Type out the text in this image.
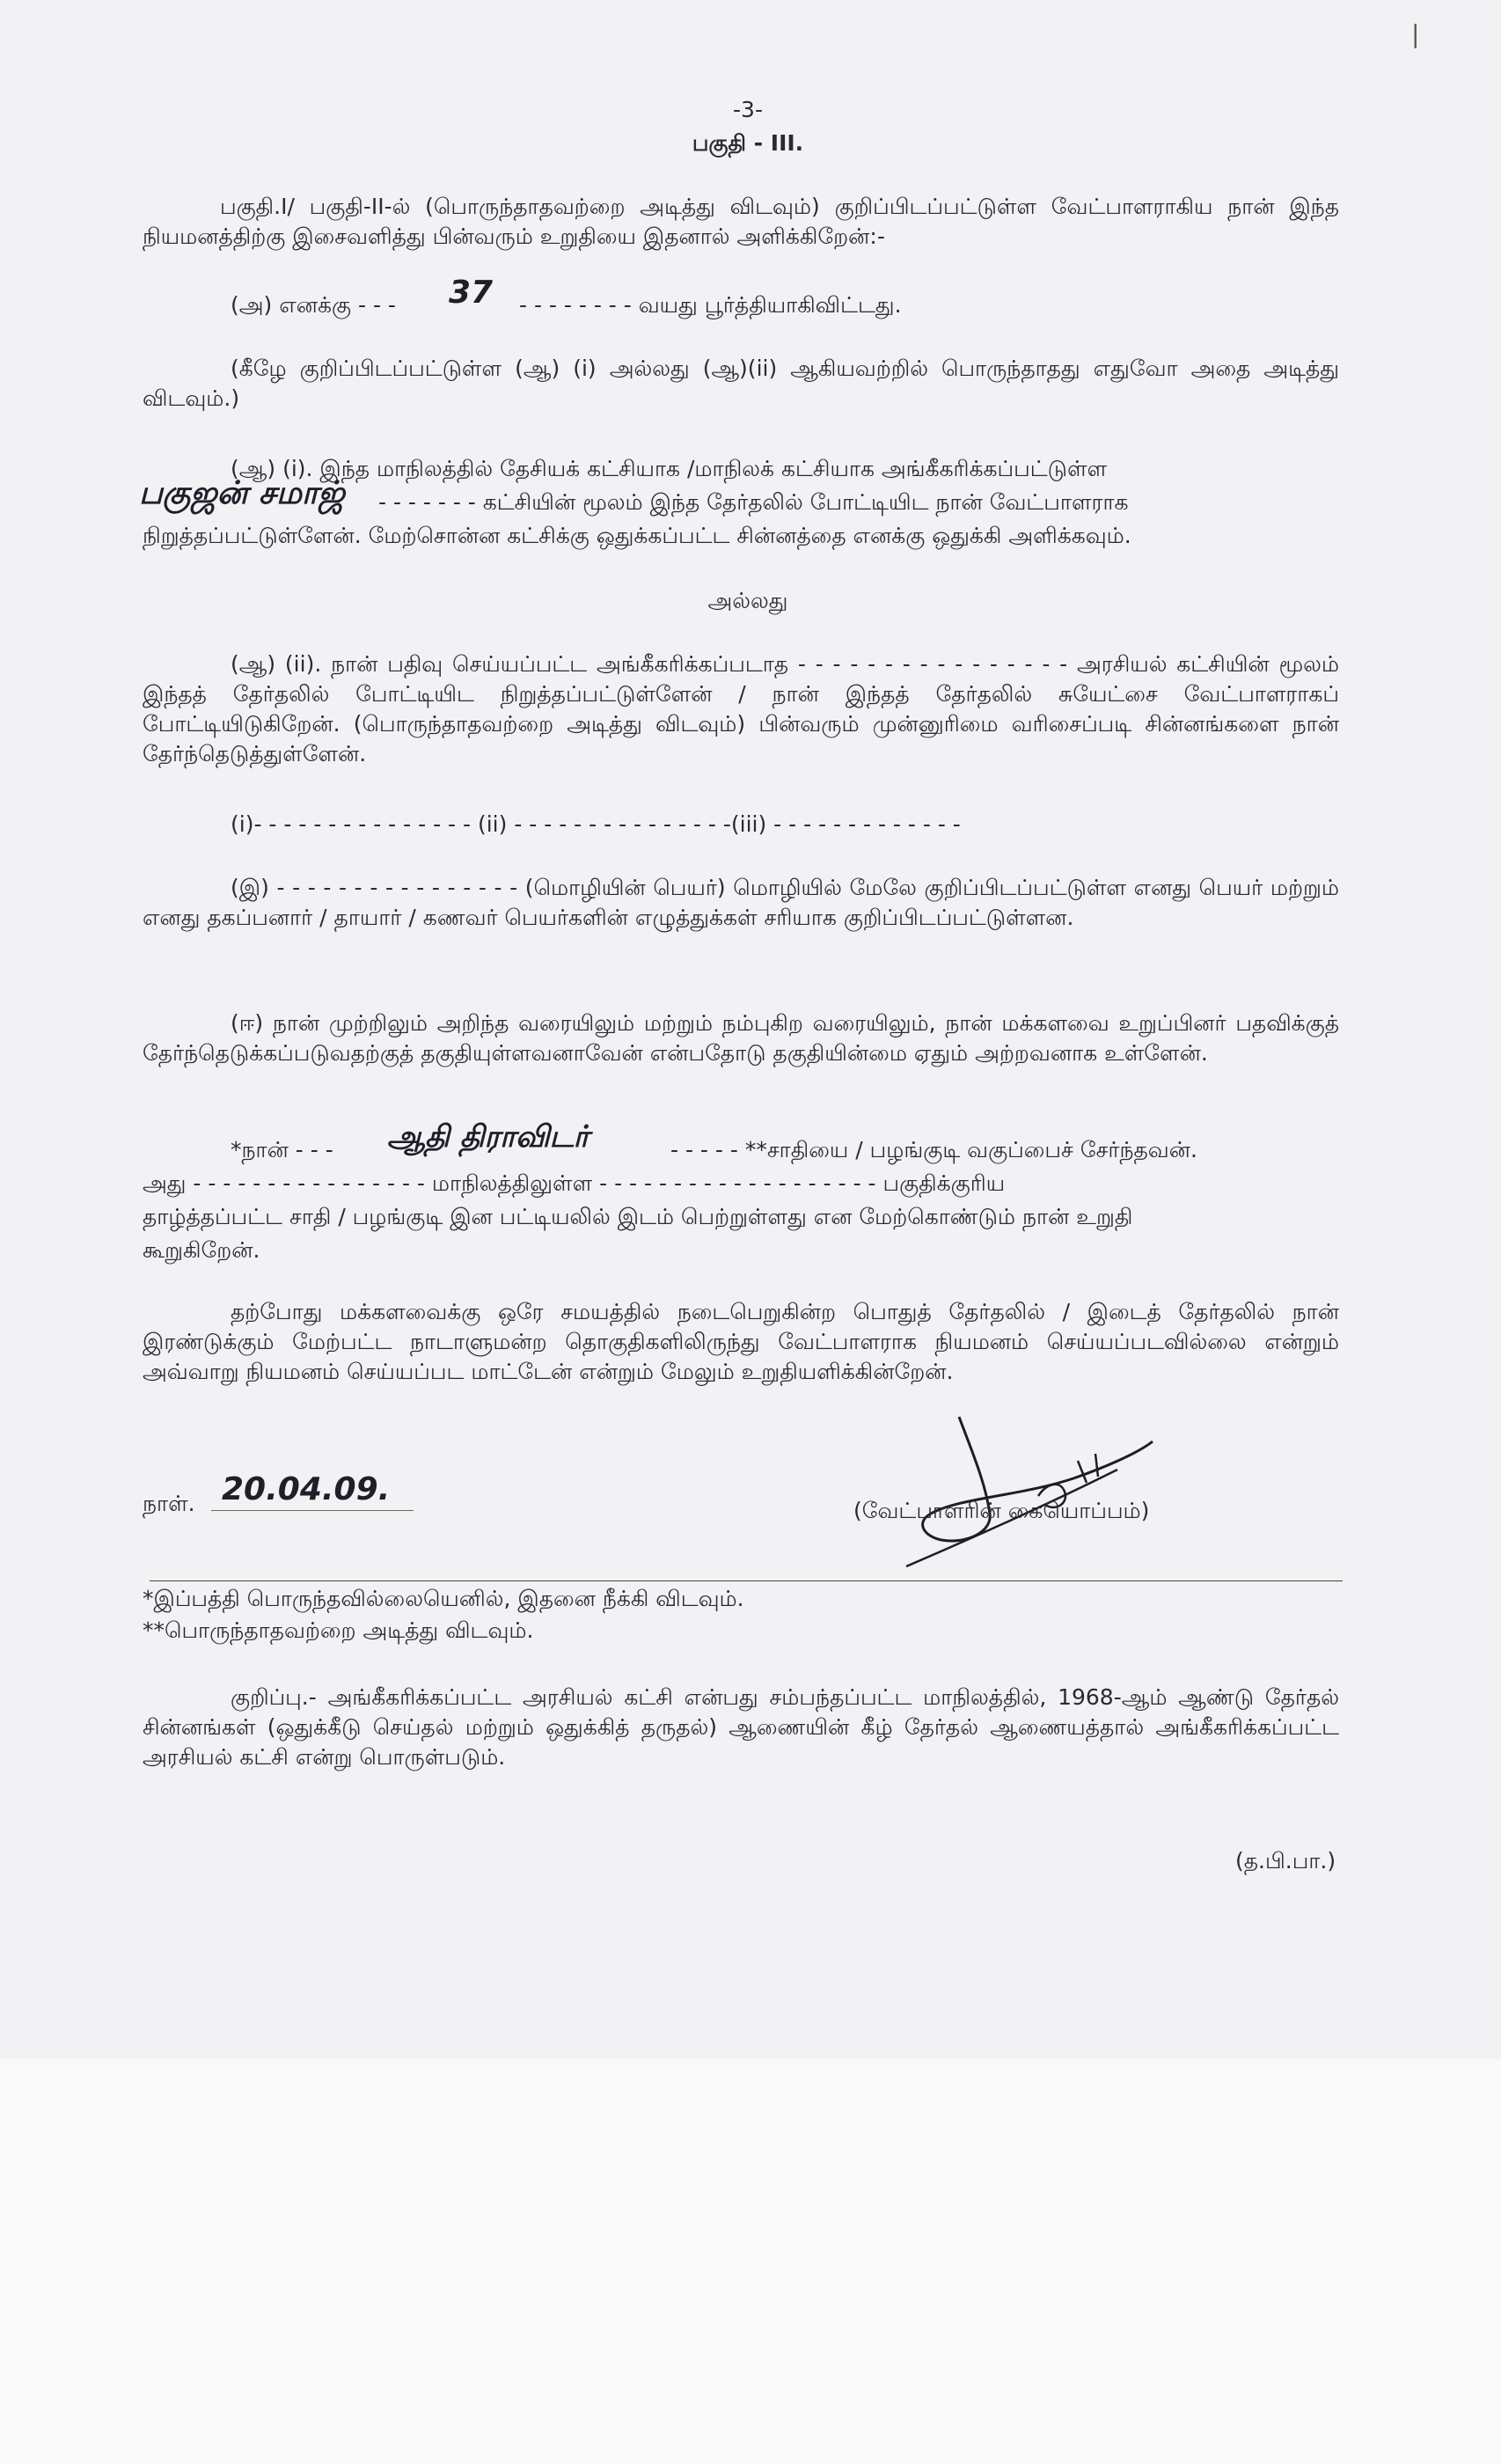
|
-3-
பகுதி - III.
பகுதி.I/ பகுதி-II-ல் (பொருந்தாதவற்றை அடித்து விடவும்) குறிப்பிடப்பட்டுள்ள வேட்பாளராகிய நான் இந்த நியமனத்திற்கு இசைவளித்து பின்வரும் உறுதியை இதனால் அளிக்கிறேன்:-
(அ) எனக்கு - - - 37 - - - - - - - - வயது பூர்த்தியாகிவிட்டது.
(கீழே குறிப்பிடப்பட்டுள்ள (ஆ) (i) அல்லது (ஆ)(ii) ஆகியவற்றில் பொருந்தாதது எதுவோ அதை அடித்து விடவும்.)
(ஆ) (i). இந்த மாநிலத்தில் தேசியக் கட்சியாக /மாநிலக் கட்சியாக அங்கீகரிக்கப்பட்டுள்ள
பகுஜன் சமாஜ் - - - - - - - கட்சியின் மூலம் இந்த தேர்தலில் போட்டியிட நான் வேட்பாளராக
நிறுத்தப்பட்டுள்ளேன். மேற்சொன்ன கட்சிக்கு ஒதுக்கப்பட்ட சின்னத்தை எனக்கு ஒதுக்கி அளிக்கவும்.
அல்லது
(ஆ) (ii). நான் பதிவு செய்யப்பட்ட அங்கீகரிக்கப்படாத - - - - - - - - - - - - - - - - அரசியல் கட்சியின் மூலம் இந்தத் தேர்தலில் போட்டியிட நிறுத்தப்பட்டுள்ளேன் / நான் இந்தத் தேர்தலில் சுயேட்சை வேட்பாளராகப் போட்டியிடுகிறேன். (பொருந்தாதவற்றை அடித்து விடவும்) பின்வரும் முன்னுரிமை வரிசைப்படி சின்னங்களை நான் தேர்ந்தெடுத்துள்ளேன்.
(i)- - - - - - - - - - - - - - - (ii) - - - - - - - - - - - - - - -(iii) - - - - - - - - - - - - -
(இ) - - - - - - - - - - - - - - - - (மொழியின் பெயர்) மொழியில் மேலே குறிப்பிடப்பட்டுள்ள எனது பெயர் மற்றும் எனது தகப்பனார் / தாயார் / கணவர் பெயர்களின் எழுத்துக்கள் சரியாக குறிப்பிடப்பட்டுள்ளன.
(ஈ) நான் முற்றிலும் அறிந்த வரையிலும் மற்றும் நம்புகிற வரையிலும், நான் மக்களவை உறுப்பினர் பதவிக்குத் தேர்ந்தெடுக்கப்படுவதற்குத் தகுதியுள்ளவனாவேன் என்பதோடு தகுதியின்மை ஏதும் அற்றவனாக உள்ளேன்.
*நான் - - - ஆதி திராவிடர்	- - - - - **சாதியை / பழங்குடி வகுப்பைச் சேர்ந்தவன்.
அது - - - - - - - - - - - - - - - - மாநிலத்திலுள்ள - - - - - - - - - - - - - - - - - - - பகுதிக்குரிய
தாழ்த்தப்பட்ட சாதி / பழங்குடி இன பட்டியலில் இடம் பெற்றுள்ளது என மேற்கொண்டும் நான் உறுதி
கூறுகிறேன்.
தற்போது மக்களவைக்கு ஒரே சமயத்தில் நடைபெறுகின்ற பொதுத் தேர்தலில் / இடைத் தேர்தலில் நான் இரண்டுக்கும் மேற்பட்ட நாடாளுமன்ற தொகுதிகளிலிருந்து வேட்பாளராக நியமனம் செய்யப்படவில்லை என்றும் அவ்வாறு நியமனம் செய்யப்பட மாட்டேன் என்றும் மேலும் உறுதியளிக்கின்றேன்.
நாள். 20.04.09.
(வேட்பாளரின் கையொப்பம்)
*இப்பத்தி பொருந்தவில்லையெனில், இதனை நீக்கி விடவும்.
**பொருந்தாதவற்றை அடித்து விடவும்.
குறிப்பு.- அங்கீகரிக்கப்பட்ட அரசியல் கட்சி என்பது சம்பந்தப்பட்ட மாநிலத்தில், 1968-ஆம் ஆண்டு தேர்தல் சின்னங்கள் (ஒதுக்கீடு செய்தல் மற்றும் ஒதுக்கித் தருதல்) ஆணையின் கீழ் தேர்தல் ஆணையத்தால் அங்கீகரிக்கப்பட்ட அரசியல் கட்சி என்று பொருள்படும்.
(த.பி.பா.)
